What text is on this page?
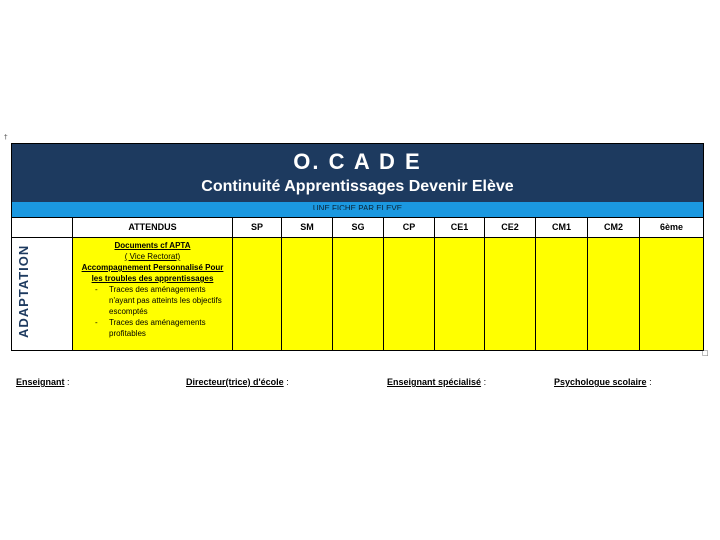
†
O. C A D E
Continuité Apprentissages Devenir Elève
UNE FICHE PAR ELEVE
ATTENDUS	SP	SM	SG	CP	CE1	CE2	CM1	CM2	6ème
ADAPTATION	Documents cf APTA
( Vice Rectorat)
Accompagnement Personnalisé Pour les troubles des apprentissages
- Traces des aménagements n'ayant pas atteints les objectifs escomptés
- Traces des aménagements profitables
□
Enseignant :	Directeur(trice) d'école :	Enseignant spécialisé :	Psychologue scolaire :
